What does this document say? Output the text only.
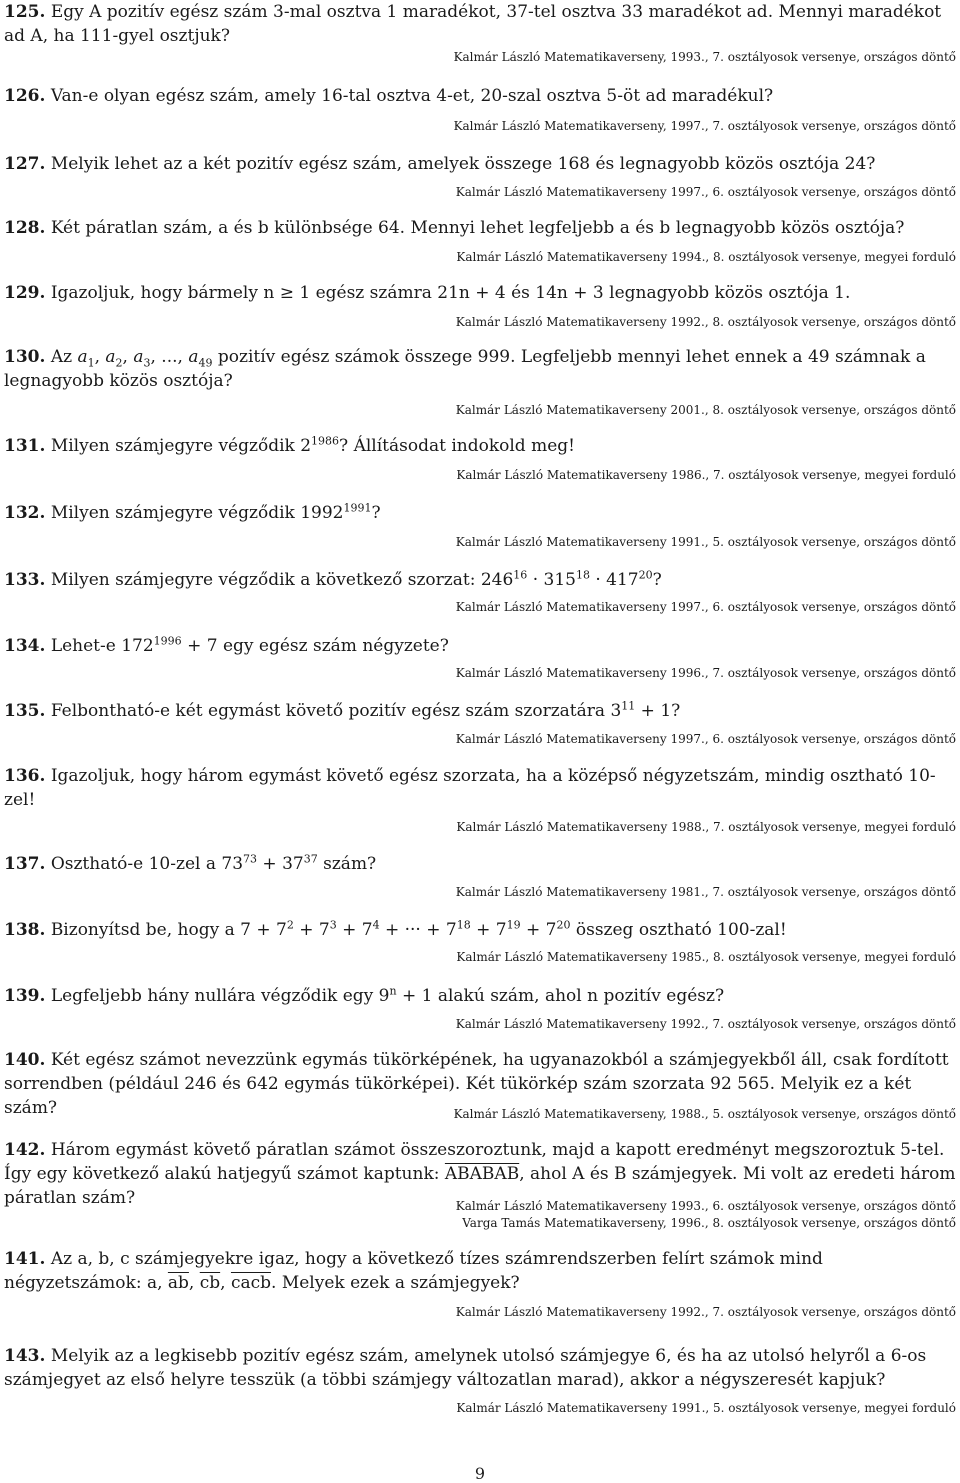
125. Egy A pozitív egész szám 3-mal osztva 1 maradékot, 37-tel osztva 33 maradékot ad. Mennyi maradékot ad A, ha 111-gyel osztjuk?
Kalmár László Matematikaverseny, 1993., 7. osztályosok versenye, országos döntő
126. Van-e olyan egész szám, amely 16-tal osztva 4-et, 20-szal osztva 5-öt ad maradékul?
Kalmár László Matematikaverseny, 1997., 7. osztályosok versenye, országos döntő
127. Melyik lehet az a két pozitív egész szám, amelyek összege 168 és legnagyobb közös osztója 24?
Kalmár László Matematikaverseny 1997., 6. osztályosok versenye, országos döntő
128. Két páratlan szám, a és b különbsége 64. Mennyi lehet legfeljebb a és b legnagyobb közös osztója?
Kalmár László Matematikaverseny 1994., 8. osztályosok versenye, megyei forduló
129. Igazoljuk, hogy bármely n ≥ 1 egész számra 21n + 4 és 14n + 3 legnagyobb közös osztója 1.
Kalmár László Matematikaverseny 1992., 8. osztályosok versenye, országos döntő
130. Az $a_1$, $a_2$, $a_3$, ..., $a_{49}$ pozitív egész számok összege 999. Legfeljebb mennyi lehet ennek a 49 számnak a legnagyobb közös osztója?
Kalmár László Matematikaverseny 2001., 8. osztályosok versenye, országos döntő
131. Milyen számjegyre végződik $2^{1986}$? Állításodat indokold meg!
Kalmár László Matematikaverseny 1986., 7. osztályosok versenye, megyei forduló
132. Milyen számjegyre végződik $1992^{1991}$?
Kalmár László Matematikaverseny 1991., 5. osztályosok versenye, országos döntő
133. Milyen számjegyre végződik a következő szorzat: $246^{16} \cdot 315^{18} \cdot 417^{20}$?
Kalmár László Matematikaverseny 1997., 6. osztályosok versenye, országos döntő
134. Lehet-e $172^{1996} + 7$ egy egész szám négyzete?
Kalmár László Matematikaverseny 1996., 7. osztályosok versenye, országos döntő
135. Felbontható-e két egymást követő pozitív egész szám szorzatára $3^{11} + 1$?
Kalmár László Matematikaverseny 1997., 6. osztályosok versenye, országos döntő
136. Igazoljuk, hogy három egymást követő egész szorzata, ha a középső négyzetszám, mindig osztható 10-zel!
Kalmár László Matematikaverseny 1988., 7. osztályosok versenye, megyei forduló
137. Osztható-e 10-zel a $73^{73} + 37^{37}$ szám?
Kalmár László Matematikaverseny 1981., 7. osztályosok versenye, országos döntő
138. Bizonyítsd be, hogy a $7 + 7^2 + 7^3 + 7^4$ + ··· + $7^{18} + 7^{19} + 7^{20}$ összeg osztható 100-zal!
Kalmár László Matematikaverseny 1985., 8. osztályosok versenye, megyei forduló
139. Legfeljebb hány nullára végződik egy $9^n + 1$ alakú szám, ahol n pozitív egész?
Kalmár László Matematikaverseny 1992., 7. osztályosok versenye, országos döntő
140. Két egész számot nevezzünk egymás tükörképének, ha ugyanazokból a számjegyekből áll, csak fordított sorrendben (például 246 és 642 egymás tükörképei). Két tükörkép szám szorzata 92 565. Melyik ez a két szám?	Kalmár László Matematikaverseny, 1988., 5. osztályosok versenye, országos döntő
142. Három egymást követő páratlan számot összeszoroztunk, majd a kapott eredményt megszoroztuk 5-tel. Így egy következő alakú hatjegyű számot kaptunk: ABABAB, ahol A és B számjegyek. Mi volt az eredeti három páratlan szám?	Kalmár László Matematikaverseny 1993., 6. osztályosok versenye, országos döntő
Varga Tamás Matematikaverseny, 1996., 8. osztályosok versenye, országos döntő
141. Az a, b, c számjegyekre igaz, hogy a következő tízes számrendszerben felírt számok mind négyzetszámok: a, $\overline{ab}$, $\overline{cb}$, cacb. Melyek ezek a számjegyek?
Kalmár László Matematikaverseny 1992., 7. osztályosok versenye, országos döntő
143. Melyik az a legkisebb pozitív egész szám, amelynek utolsó számjegye 6, és ha az utolsó helyről a 6-os számjegyet az első helyre tesszük (a többi számjegy változatlan marad), akkor a négyszeresét kapjuk?
Kalmár László Matematikaverseny 1991., 5. osztályosok versenye, megyei forduló
9
